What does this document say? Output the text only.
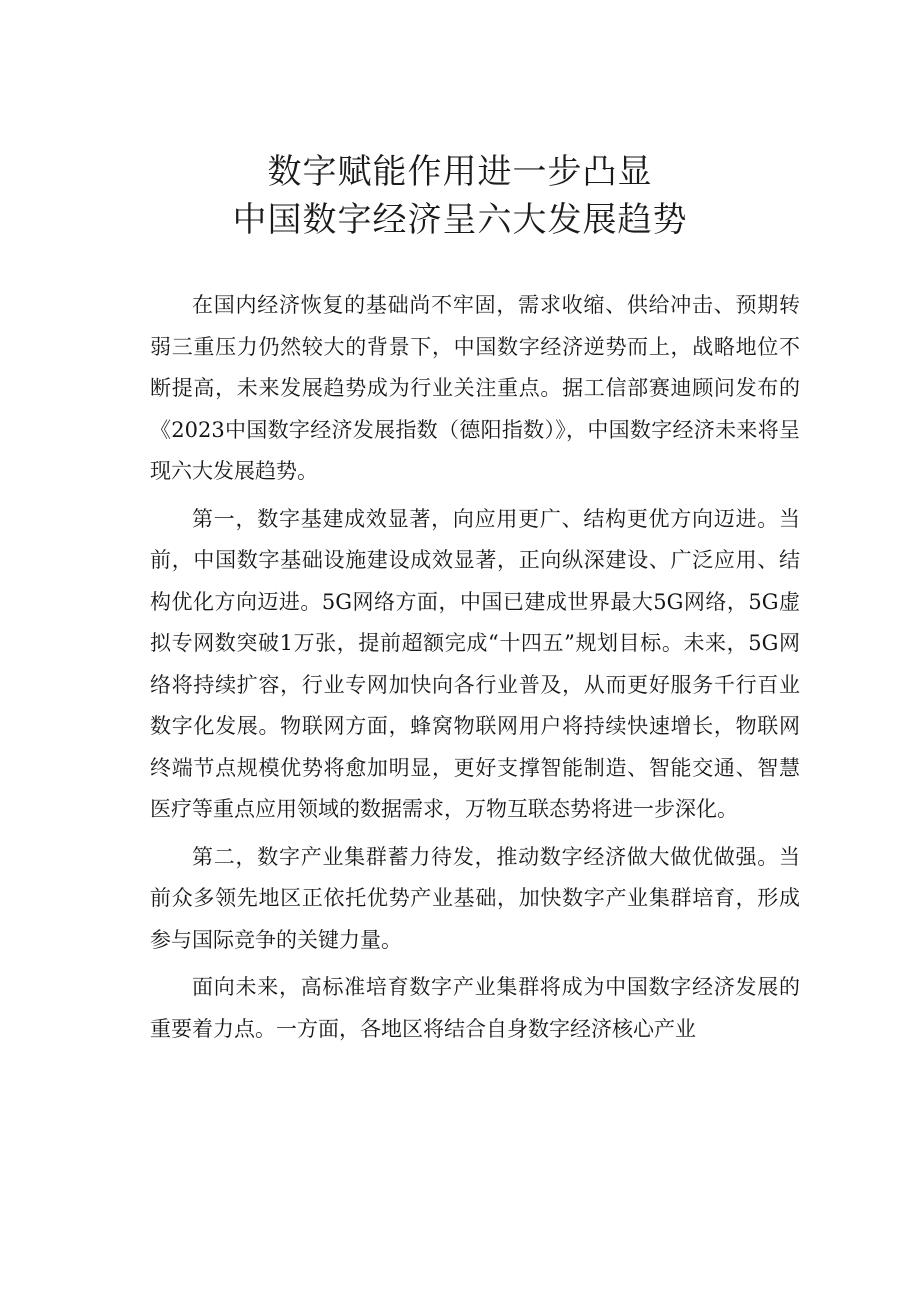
数字赋能作用进一步凸显
中国数字经济呈六大发展趋势

在国内经济恢复的基础尚不牢固，需求收缩、供给冲击、预期转弱三重压力仍然较大的背景下，中国数字经济逆势而上，战略地位不断提高，未来发展趋势成为行业关注重点。据工信部赛迪顾问发布的《2023中国数字经济发展指数（德阳指数）》，中国数字经济未来将呈现六大发展趋势。

第一，数字基建成效显著，向应用更广、结构更优方向迈进。当前，中国数字基础设施建设成效显著，正向纵深建设、广泛应用、结构优化方向迈进。5G网络方面，中国已建成世界最大5G网络，5G虚拟专网数突破1万张，提前超额完成“十四五”规划目标。未来，5G网络将持续扩容，行业专网加快向各行业普及，从而更好服务千行百业数字化发展。物联网方面，蜂窝物联网用户将持续快速增长，物联网终端节点规模优势将愈加明显，更好支撑智能制造、智能交通、智慧医疗等重点应用领域的数据需求，万物互联态势将进一步深化。

第二，数字产业集群蓄力待发，推动数字经济做大做优做强。当前众多领先地区正依托优势产业基础，加快数字产业集群培育，形成参与国际竞争的关键力量。

面向未来，高标准培育数字产业集群将成为中国数字经济发展的重要着力点。一方面，各地区将结合自身数字经济核心产业
